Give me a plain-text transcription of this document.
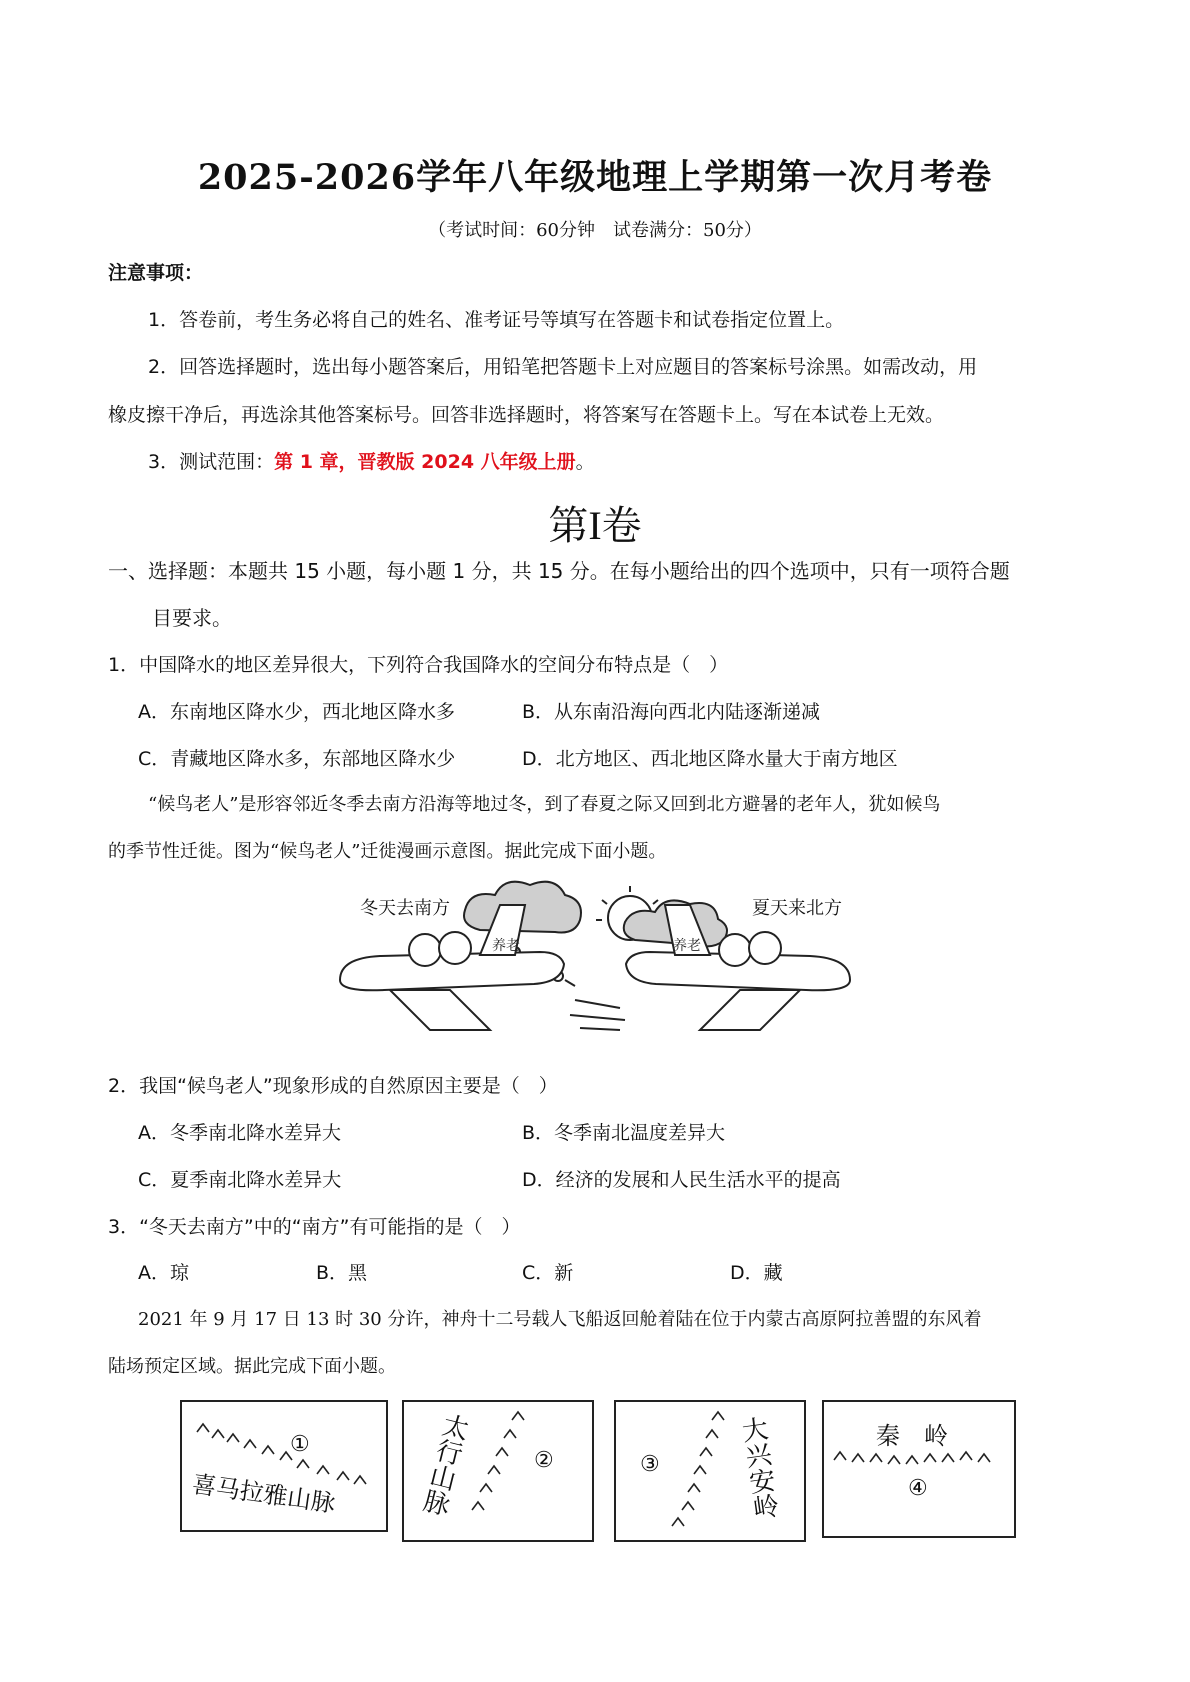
2025-2026学年八年级地理上学期第一次月考卷
（考试时间：60分钟　试卷满分：50分）
注意事项：
1．答卷前，考生务必将自己的姓名、准考证号等填写在答题卡和试卷指定位置上。
2．回答选择题时，选出每小题答案后，用铅笔把答题卡上对应题目的答案标号涂黑。如需改动，用
橡皮擦干净后，再选涂其他答案标号。回答非选择题时，将答案写在答题卡上。写在本试卷上无效。
3．测试范围：第 1 章，晋教版 2024 八年级上册。
第I卷
一、选择题：本题共 15 小题，每小题 1 分，共 15 分。在每小题给出的四个选项中，只有一项符合题
目要求。
1．中国降水的地区差异很大，下列符合我国降水的空间分布特点是（　）
A．东南地区降水少，西北地区降水多	B．从东南沿海向西北内陆逐渐递减
C．青藏地区降水多，东部地区降水少	D．北方地区、西北地区降水量大于南方地区
“候鸟老人”是形容邻近冬季去南方沿海等地过冬，到了春夏之际又回到北方避暑的老年人，犹如候鸟
的季节性迁徙。图为“候鸟老人”迁徙漫画示意图。据此完成下面小题。
冬天去南方	夏天来北方
养老	养老
2．我国“候鸟老人”现象形成的自然原因主要是（　）
A．冬季南北降水差异大	B．冬季南北温度差异大
C．夏季南北降水差异大	D．经济的发展和人民生活水平的提高
3．“冬天去南方”中的“南方”有可能指的是（　）
A．琼	B．黑	C．新	D．藏
2021 年 9 月 17 日 13 时 30 分许，神舟十二号载人飞船返回舱着陆在位于内蒙古高原阿拉善盟的东风着
陆场预定区域。据此完成下面小题。
①
喜马拉雅山脉	太行山脉	②	③	大兴安岭	秦　岭
④
